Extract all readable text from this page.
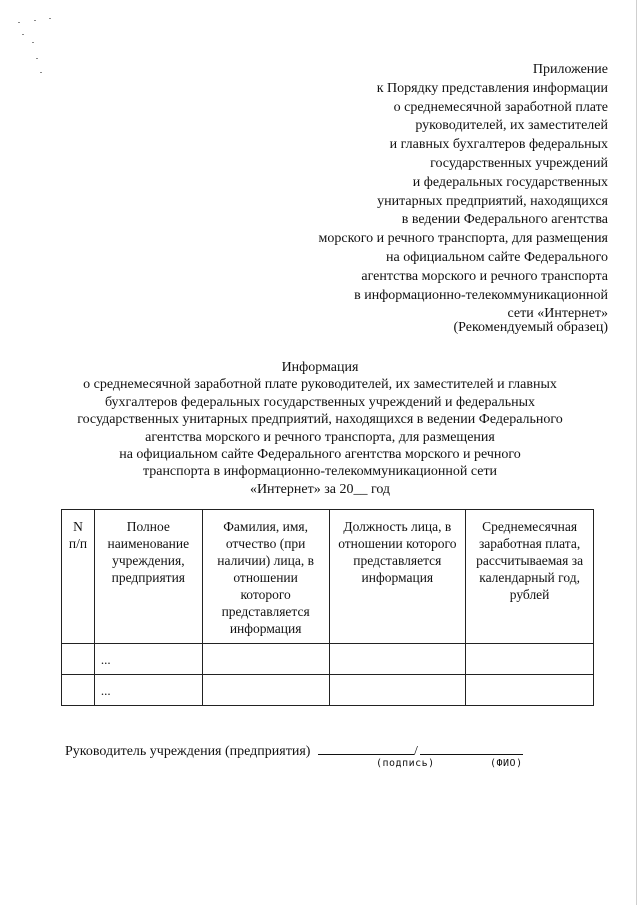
Приложение
к Порядку представления информации
о среднемесячной заработной плате
руководителей, их заместителей
и главных бухгалтеров федеральных
государственных учреждений
и федеральных государственных
унитарных предприятий, находящихся
в ведении Федерального агентства
морского и речного транспорта, для размещения
на официальном сайте Федерального
агентства морского и речного транспорта
в информационно-телекоммуникационной
сети «Интернет»
(Рекомендуемый образец)
Информация
о среднемесячной заработной плате руководителей, их заместителей и главных
бухгалтеров федеральных государственных учреждений и федеральных
государственных унитарных предприятий, находящихся в ведении Федерального
агентства морского и речного транспорта, для размещения
на официальном сайте Федерального агентства морского и речного
транспорта в информационно-телекоммуникационной сети
«Интернет» за 20__ год
N п/п	Полное наименование учреждения, предприятия	Фамилия, имя, отчество (при наличии) лица, в отношении которого представляется информация	Должность лица, в отношении которого представляется информация	Среднемесячная заработная плата, рассчитываемая за календарный год, рублей
	...			
	...			
Руководитель учреждения (предприятия)	/
(подпись)	(ФИО)
